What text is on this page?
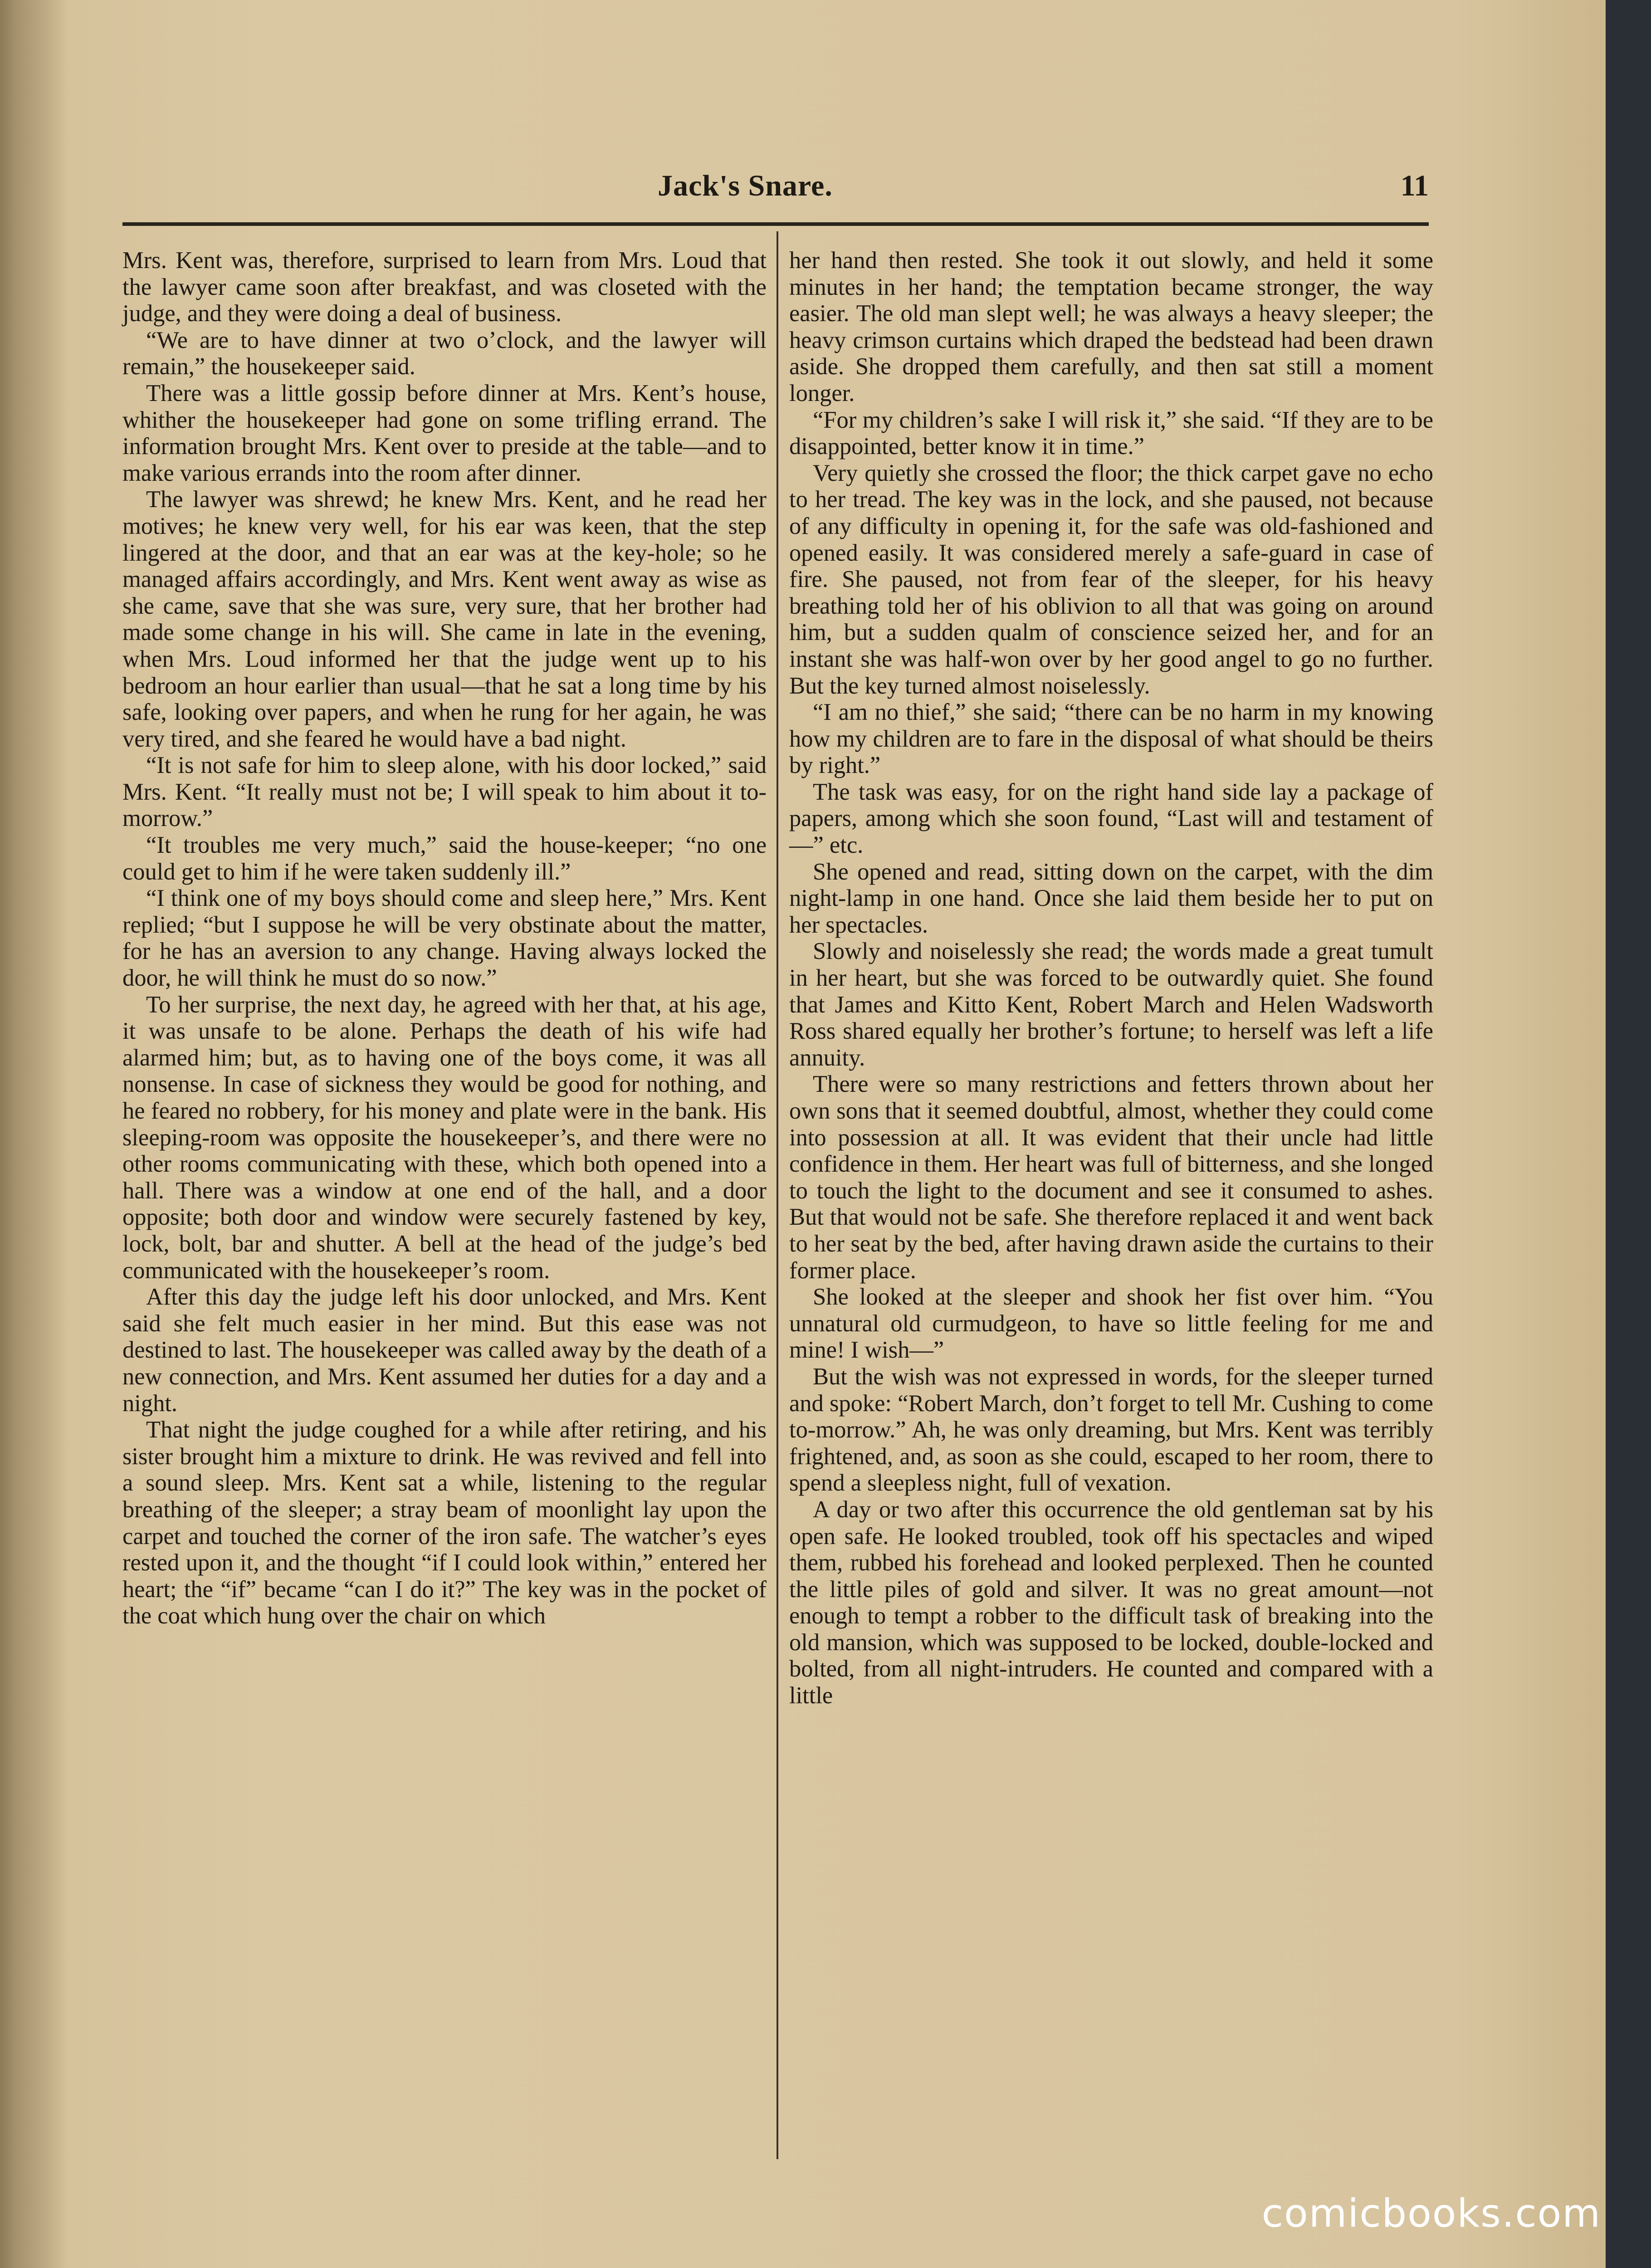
Jack's Snare.	11

Mrs. Kent was, therefore, surprised to learn from Mrs. Loud that the lawyer came soon after breakfast, and was closeted with the judge, and they were doing a deal of business.

“We are to have dinner at two o’clock, and the lawyer will remain,” the housekeeper said.

There was a little gossip before dinner at Mrs. Kent’s house, whither the housekeeper had gone on some trifling errand. The information brought Mrs. Kent over to preside at the table—and to make various errands into the room after dinner.

The lawyer was shrewd; he knew Mrs. Kent, and he read her motives; he knew very well, for his ear was keen, that the step lingered at the door, and that an ear was at the key-hole; so he managed affairs accordingly, and Mrs. Kent went away as wise as she came, save that she was sure, very sure, that her brother had made some change in his will. She came in late in the evening, when Mrs. Loud informed her that the judge went up to his bedroom an hour earlier than usual—that he sat a long time by his safe, looking over papers, and when he rung for her again, he was very tired, and she feared he would have a bad night.

“It is not safe for him to sleep alone, with his door locked,” said Mrs. Kent. “It really must not be; I will speak to him about it to-morrow.”

“It troubles me very much,” said the house-keeper; “no one could get to him if he were taken suddenly ill.”

“I think one of my boys should come and sleep here,” Mrs. Kent replied; “but I suppose he will be very obstinate about the matter, for he has an aversion to any change. Having always locked the door, he will think he must do so now.”

To her surprise, the next day, he agreed with her that, at his age, it was unsafe to be alone. Perhaps the death of his wife had alarmed him; but, as to having one of the boys come, it was all nonsense. In case of sickness they would be good for nothing, and he feared no robbery, for his money and plate were in the bank. His sleeping-room was opposite the housekeeper’s, and there were no other rooms communicating with these, which both opened into a hall. There was a window at one end of the hall, and a door opposite; both door and window were securely fastened by key, lock, bolt, bar and shutter. A bell at the head of the judge’s bed communicated with the housekeeper’s room.

After this day the judge left his door unlocked, and Mrs. Kent said she felt much easier in her mind. But this ease was not destined to last. The housekeeper was called away by the death of a new connection, and Mrs. Kent assumed her duties for a day and a night.

That night the judge coughed for a while after retiring, and his sister brought him a mixture to drink. He was revived and fell into a sound sleep. Mrs. Kent sat a while, listening to the regular breathing of the sleeper; a stray beam of moonlight lay upon the carpet and touched the corner of the iron safe. The watcher’s eyes rested upon it, and the thought “if I could look within,” entered her heart; the “if” became “can I do it?” The key was in the pocket of the coat which hung over the chair on which

her hand then rested. She took it out slowly, and held it some minutes in her hand; the temptation became stronger, the way easier. The old man slept well; he was always a heavy sleeper; the heavy crimson curtains which draped the bedstead had been drawn aside. She dropped them carefully, and then sat still a moment longer.

“For my children’s sake I will risk it,” she said. “If they are to be disappointed, better know it in time.”

Very quietly she crossed the floor; the thick carpet gave no echo to her tread. The key was in the lock, and she paused, not because of any difficulty in opening it, for the safe was old-fashioned and opened easily. It was considered merely a safe-guard in case of fire. She paused, not from fear of the sleeper, for his heavy breathing told her of his oblivion to all that was going on around him, but a sudden qualm of conscience seized her, and for an instant she was half-won over by her good angel to go no further. But the key turned almost noiselessly.

“I am no thief,” she said; “there can be no harm in my knowing how my children are to fare in the disposal of what should be theirs by right.”

The task was easy, for on the right hand side lay a package of papers, among which she soon found, “Last will and testament of—” etc.

She opened and read, sitting down on the carpet, with the dim night-lamp in one hand. Once she laid them beside her to put on her spectacles.

Slowly and noiselessly she read; the words made a great tumult in her heart, but she was forced to be outwardly quiet. She found that James and Kitto Kent, Robert March and Helen Wadsworth Ross shared equally her brother’s fortune; to herself was left a life annuity.

There were so many restrictions and fetters thrown about her own sons that it seemed doubtful, almost, whether they could come into possession at all. It was evident that their uncle had little confidence in them. Her heart was full of bitterness, and she longed to touch the light to the document and see it consumed to ashes. But that would not be safe. She therefore replaced it and went back to her seat by the bed, after having drawn aside the curtains to their former place.

She looked at the sleeper and shook her fist over him. “You unnatural old curmudgeon, to have so little feeling for me and mine! I wish—”

But the wish was not expressed in words, for the sleeper turned and spoke: “Robert March, don’t forget to tell Mr. Cushing to come to-morrow.” Ah, he was only dreaming, but Mrs. Kent was terribly frightened, and, as soon as she could, escaped to her room, there to spend a sleepless night, full of vexation.

A day or two after this occurrence the old gentleman sat by his open safe. He looked troubled, took off his spectacles and wiped them, rubbed his forehead and looked perplexed. Then he counted the little piles of gold and silver. It was no great amount—not enough to tempt a robber to the difficult task of breaking into the old mansion, which was supposed to be locked, double-locked and bolted, from all night-intruders. He counted and compared with a little

comicbooks.com
